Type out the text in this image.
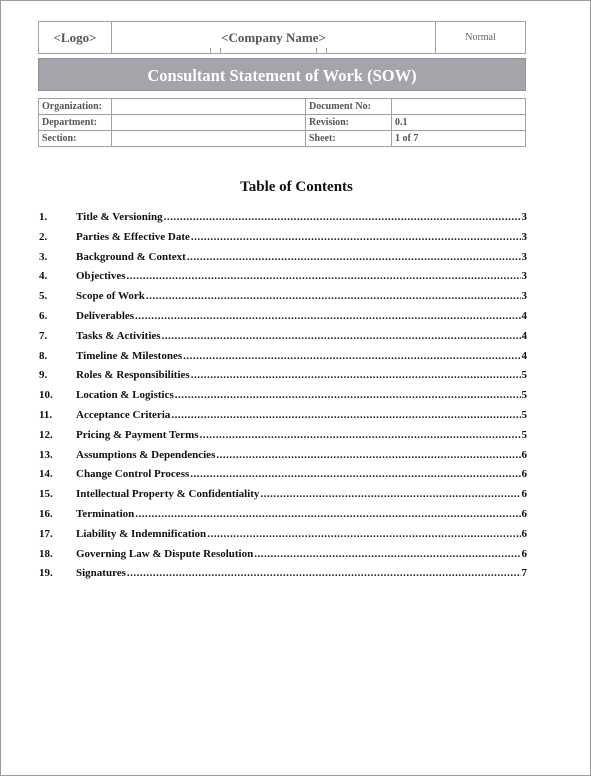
<Logo>	<Company Name>	Normal
Consultant Statement of Work (SOW)
Organization:		Document No:	
Department:		Revision:	0.1
Section:		Sheet:	1 of 7
Table of Contents
1.	Title & Versioning .....	3
2.	Parties & Effective Date .....	3
3.	Background & Context .....	3
4.	Objectives .....	3
5.	Scope of Work .....	3
6.	Deliverables .....	4
7.	Tasks & Activities .....	4
8.	Timeline & Milestones .....	4
9.	Roles & Responsibilities .....	5
10. Location & Logistics .....	5
11. Acceptance Criteria .....	5
12. Pricing & Payment Terms .....	5
13. Assumptions & Dependencies .....	6
14. Change Control Process .....	6
15. Intellectual Property & Confidentiality .....	6
16. Termination .....	6
17. Liability & Indemnification .....	6
18. Governing Law & Dispute Resolution .....	6
19. Signatures .....	7
